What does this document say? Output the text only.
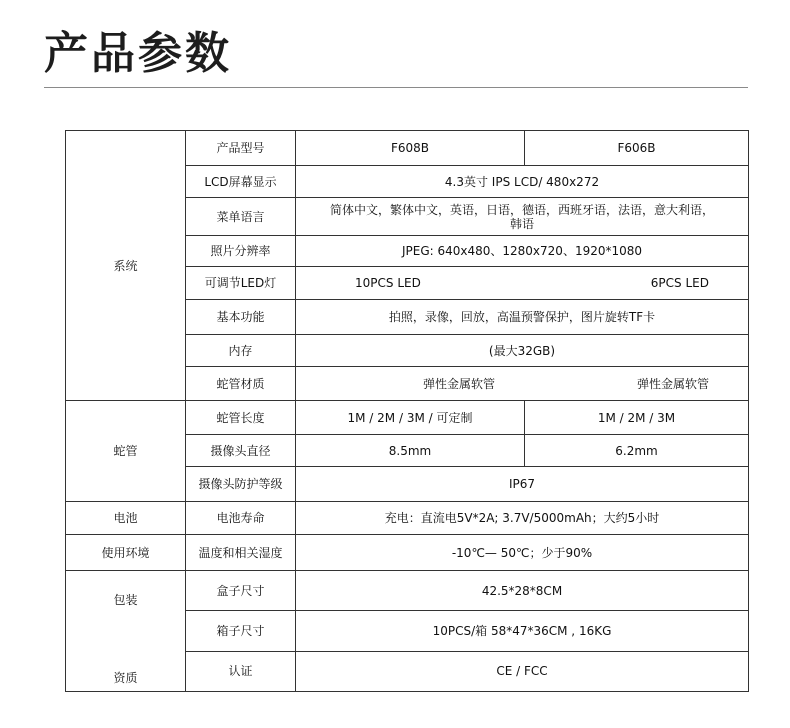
产品参数
系统	产品型号	F608B	F606B
	LCD屏幕显示	4.3英寸 IPS LCD/ 480x272	
	菜单语言	简体中文，繁体中文，英语，日语，德语，西班牙语，法语，意大利语，
韩语	

	照片分辨率	JPEG: 640x480、1280x720、1920*1080	
	可调节LED灯	10PCS LED 6PCS LED	

	基本功能	拍照，录像，回放，高温预警保护，图片旋转TF卡	
	内存	(最大32GB)	
	蛇管材质	弹性金属软管 弹性金属软管	

蛇管	蛇管长度	1M / 2M / 3M / 可定制	1M / 2M / 3M
	摄像头直径	8.5mm	6.2mm
	摄像头防护等级	IP67	
电池	电池寿命	充电：直流电5V*2A; 3.7V/5000mAh；大约5小时	
使用环境	温度和相关湿度	-10℃— 50℃；少于90%	

包装
资质	盒子尺寸	42.5*28*8CM	
	箱子尺寸	10PCS/箱 58*47*36CM , 16KG	
	认证	CE / FCC	
